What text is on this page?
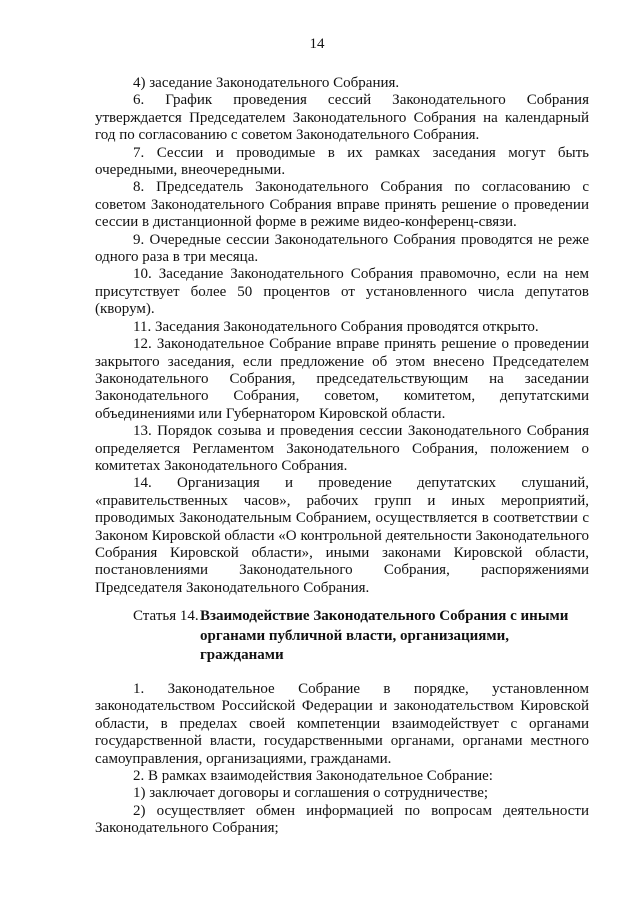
14

4) заседание Законодательного Собрания.

6. График проведения сессий Законодательного Собрания утверждается Председателем Законодательного Собрания на календарный год по согласованию с советом Законодательного Собрания.

7. Сессии и проводимые в их рамках заседания могут быть очередными, внеочередными.

8. Председатель Законодательного Собрания по согласованию с советом Законодательного Собрания вправе принять решение о проведении сессии в дистанционной форме в режиме видео-конференц-связи.

9. Очередные сессии Законодательного Собрания проводятся не реже одного раза в три месяца.

10. Заседание Законодательного Собрания правомочно, если на нем присутствует более 50 процентов от установленного числа депутатов (кворум).

11. Заседания Законодательного Собрания проводятся открыто.

12. Законодательное Собрание вправе принять решение о проведении закрытого заседания, если предложение об этом внесено Председателем Законодательного Собрания, председательствующим на заседании Законодательного Собрания, советом, комитетом, депутатскими объединениями или Губернатором Кировской области.

13. Порядок созыва и проведения сессии Законодательного Собрания определяется Регламентом Законодательного Собрания, положением о комитетах Законодательного Собрания.

14. Организация и проведение депутатских слушаний, «правительственных часов», рабочих групп и иных мероприятий, проводимых Законодательным Собранием, осуществляется в соответствии с Законом Кировской области «О контрольной деятельности Законодательного Собрания Кировской области», иными законами Кировской области, постановлениями Законодательного Собрания, распоряжениями Председателя Законодательного Собрания.

Статья 14. Взаимодействие Законодательного Собрания с иными органами публичной власти, организациями, гражданами

1. Законодательное Собрание в порядке, установленном законодательством Российской Федерации и законодательством Кировской области, в пределах своей компетенции взаимодействует с органами государственной власти, государственными органами, органами местного самоуправления, организациями, гражданами.

2. В рамках взаимодействия Законодательное Собрание:

1) заключает договоры и соглашения о сотрудничестве;

2) осуществляет обмен информацией по вопросам деятельности Законодательного Собрания;
